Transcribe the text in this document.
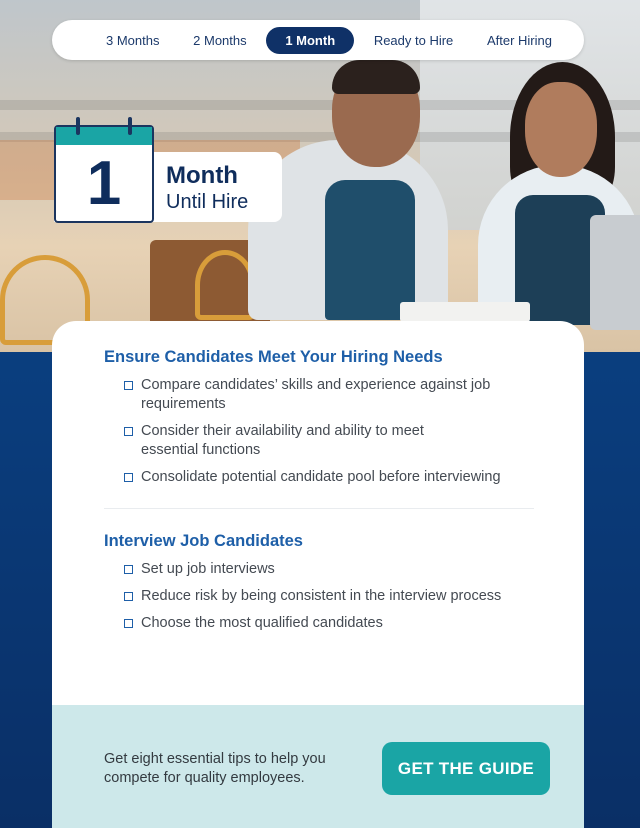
3 Months	2 Months	1 Month	Ready to Hire	After Hiring
1	Month
Until Hire
Ensure Candidates Meet Your Hiring Needs
Compare candidates’ skills and experience against job requirements
Consider their availability and ability to meet essential functions
Consolidate potential candidate pool before interviewing
Interview Job Candidates
Set up job interviews
Reduce risk by being consistent in the interview process
Choose the most qualified candidates

Get eight essential tips to help you compete for quality employees.

GET THE GUIDE
